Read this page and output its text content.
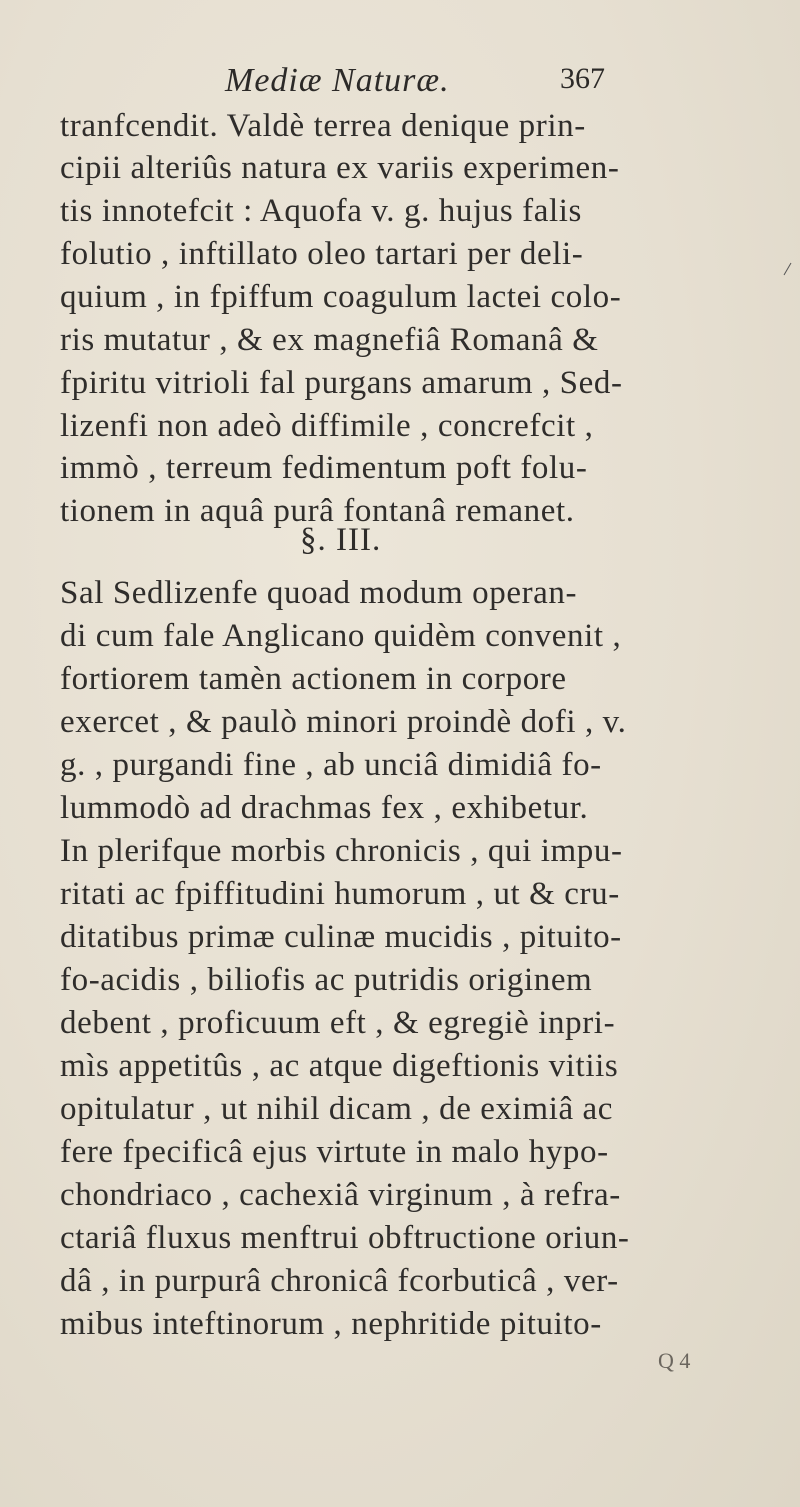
Mediæ Naturæ.	367
tranfcendit. Valdè terrea denique prin-
cipii alteriûs natura ex variis experimen-
tis innotefcit : Aquofa v. g. hujus falis
folutio , inftillato oleo tartari per deli-
quium , in fpiffum coagulum lactei colo-
ris mutatur , & ex magnefiâ Romanâ &
fpiritu vitrioli fal purgans amarum , Sed-
lizenfi non adeò diffimile , concrefcit ,
immò , terreum fedimentum poft folu-
tionem in aquâ purâ fontanâ remanet.
§. III.
Sal Sedlizenfe quoad modum operan-
di cum fale Anglicano quidèm convenit ,
fortiorem tamèn actionem in corpore
exercet , & paulò minori proindè dofi , v.
g. , purgandi fine , ab unciâ dimidiâ fo-
lummodò ad drachmas fex , exhibetur.
In plerifque morbis chronicis , qui impu-
ritati ac fpiffitudini humorum , ut & cru-
ditatibus primæ culinæ mucidis , pituito-
fo-acidis , biliofis ac putridis originem
debent , proficuum eft , & egregiè inpri-
mìs appetitûs , ac atque digeftionis vitiis
opitulatur , ut nihil dicam , de eximiâ ac
fere fpecificâ ejus virtute in malo hypo-
chondriaco , cachexiâ virginum , à refra-
ctariâ fluxus menftrui obftructione oriun-
dâ , in purpurâ chronicâ fcorbuticâ , ver-
mibus inteftinorum , nephritide pituito-
Q 4
